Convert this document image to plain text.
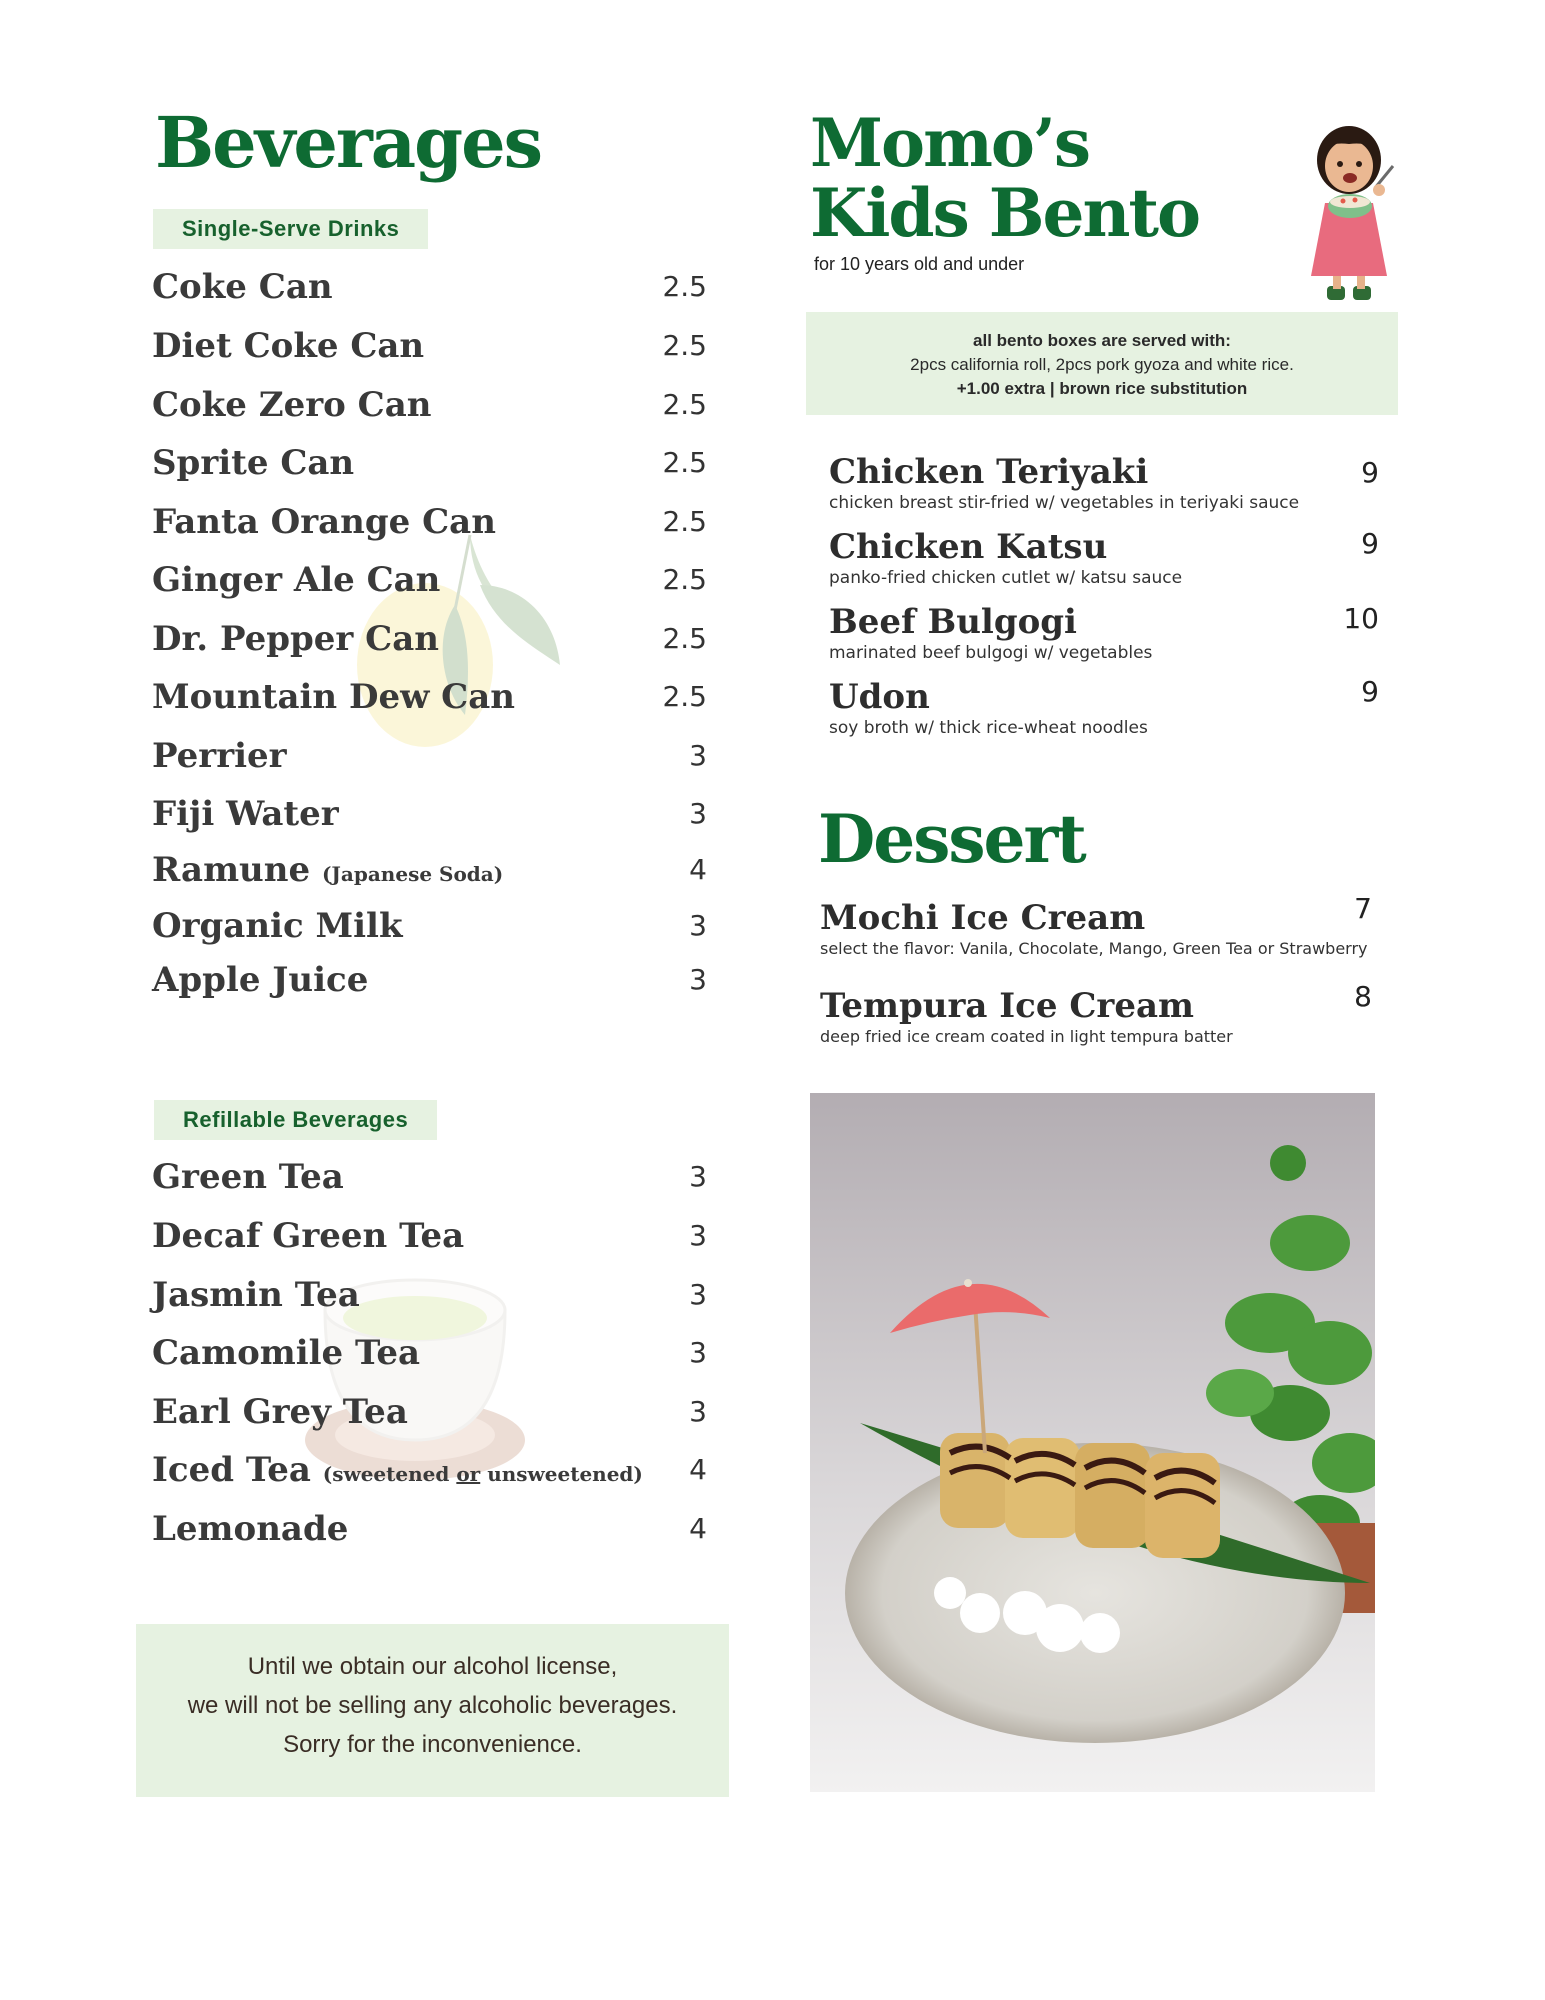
Beverages
Single-Serve Drinks
Coke Can	2.5
Diet Coke Can	2.5
Coke Zero Can	2.5
Sprite Can	2.5
Fanta Orange Can	2.5
Ginger Ale Can	2.5
Dr. Pepper Can	2.5
Mountain Dew Can	2.5
Perrier	3
Fiji Water	3
Ramune (Japanese Soda)	4
Organic Milk	3
Apple Juice	3
Refillable Beverages
Green Tea	3
Decaf Green Tea	3
Jasmin Tea	3
Camomile Tea	3
Earl Grey Tea	3
Iced Tea (sweetened or unsweetened) 4
Lemonade	4
Until we obtain our alcohol license,
we will not be selling any alcoholic beverages.
Sorry for the inconvenience.
Momo’s
Kids Bento
for 10 years old and under
all bento boxes are served with:
2pcs california roll, 2pcs pork gyoza and white rice.
+1.00 extra | brown rice substitution
Chicken Teriyaki
chicken breast stir-fried w/ vegetables in teriyaki sauce
9
Chicken Katsu
panko-fried chicken cutlet w/ katsu sauce
9
Beef Bulgogi
marinated beef bulgogi w/ vegetables
10
Udon
soy broth w/ thick rice-wheat noodles
9
Dessert
Mochi Ice Cream
select the flavor: Vanila, Chocolate, Mango, Green Tea or Strawberry
7
Tempura Ice Cream
deep fried ice cream coated in light tempura batter
8
